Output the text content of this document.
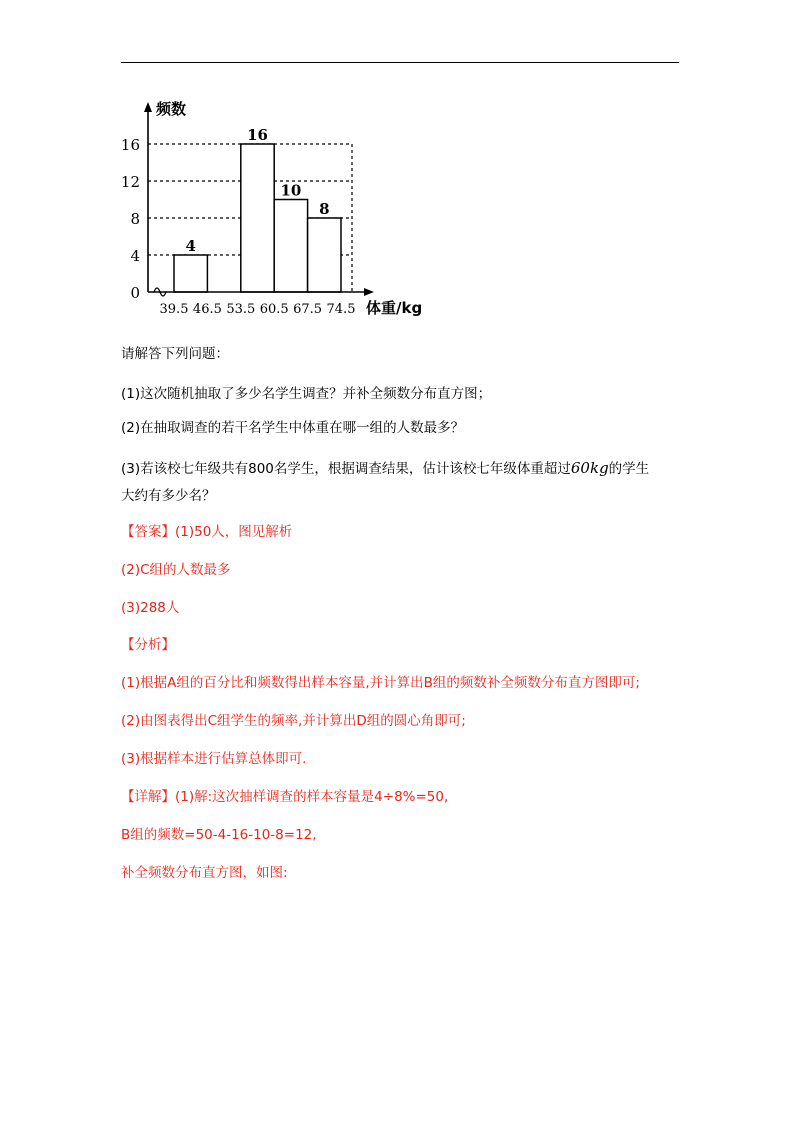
频数
体重/kg
0
4
8
12
16
39.5 46.5 53.5 60.5 67.5 74.5
4
16
10
8
请解答下列问题：
(1)这次随机抽取了多少名学生调查？并补全频数分布直方图；
(2)在抽取调查的若干名学生中体重在哪一组的人数最多？
(3)若该校七年级共有800名学生，根据调查结果，估计该校七年级体重超过60kg的学生
大约有多少名？
【答案】(1)50人，图见解析
(2)C组的人数最多
(3)288人
【分析】
(1)根据A组的百分比和频数得出样本容量,并计算出B组的频数补全频数分布直方图即可;
(2)由图表得出C组学生的频率,并计算出D组的圆心角即可;
(3)根据样本进行估算总体即可.
【详解】(1)解:这次抽样调查的样本容量是4÷8%=50,
B组的频数=50-4-16-10-8=12,
补全频数分布直方图，如图:
